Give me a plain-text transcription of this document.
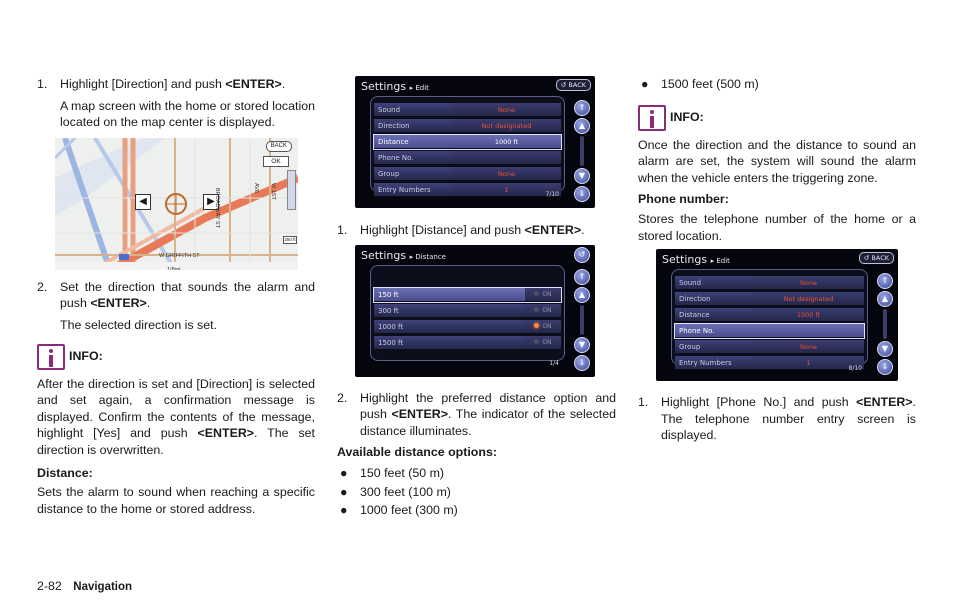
1.	Highlight [Direction] and push <ENTER>.

A map screen with the home or stored location located on the map center is displayed.

◀	▶
BACK
OK
250 ft
W GRIFFITH ST
BROADWAY ST	W 1ST AVE
I-77	1/8mi
2.	Set the direction that sounds the alarm and push <ENTER>.

The selected direction is set.

INFO:

After the direction is set and [Direction] is selected and set again, a confirmation message is displayed. Confirm the contents of the message, highlight [Yes] and push <ENTER>. The set direction is overwritten.

Distance:

Sets the alarm to sound when reaching a specific distance to the home or stored address.

Settings ▸ Edit	↺ BACK
Sound	None
Direction	Not designated
Distance	1000 ft
Phone No.
Group	None
Entry Numbers	1
⇑
▲
▼
⇓
7/10
1.	Highlight [Distance] and push <ENTER>.
Settings ▸ Distance
150 ft	ON
300 ft	ON
1000 ft	ON
1500 ft	ON
↺
⇑
▲
▼
⇓
1/4
2.	Highlight the preferred distance option and push <ENTER>. The indicator of the selected distance illuminates.
Available distance options:
●	150 feet (50 m)
●	300 feet (100 m)
●	1000 feet (300 m)
●	1500 feet (500 m)
INFO:

Once the direction and the distance to sound an alarm are set, the system will sound the alarm when the vehicle enters the triggering zone.

Phone number:

Stores the telephone number of the home or a stored location.

Settings ▸ Edit	↺ BACK
Sound	None
Direction	Not designated
Distance	1000 ft
Phone No.
Group	None
Entry Numbers	1
⇑
▲
▼
⇓
8/10
1.	Highlight [Phone No.] and push <ENTER>. The telephone number entry screen is displayed.
2-82 Navigation
